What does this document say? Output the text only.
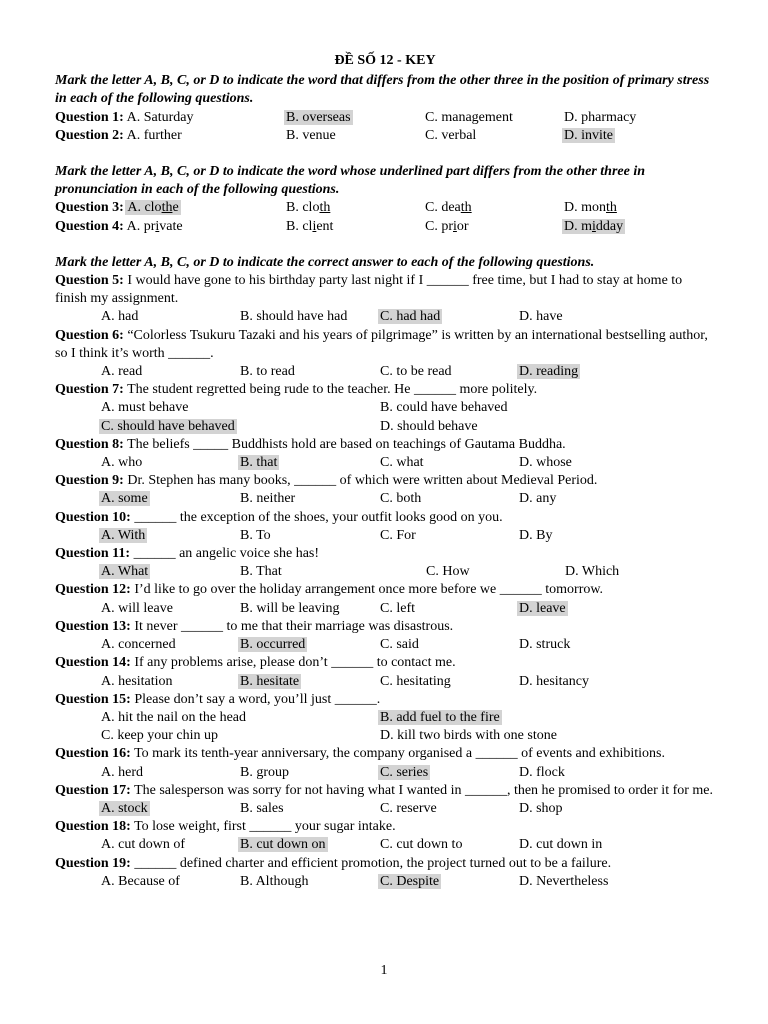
ĐỀ SỐ 12 - KEY
Mark the letter A, B, C, or D to indicate the word that differs from the other three in the position of primary stress in each of the following questions.
Question 1: A. Saturday	B. overseas	C. management	D. pharmacy
Question 2: A. further	B. venue	C. verbal	D. invite
Mark the letter A, B, C, or D to indicate the word whose underlined part differs from the other three in pronunciation in each of the following questions.
Question 3: A. clothe	B. cloth	C. death	D. month
Question 4: A. private	B. client	C. prior	D. midday
Mark the letter A, B, C, or D to indicate the correct answer to each of the following questions.
Question 5: I would have gone to his birthday party last night if I ______ free time, but I had to stay at home to finish my assignment.
A. had	B. should have had	C. had had	D. have
Question 6: “Colorless Tsukuru Tazaki and his years of pilgrimage” is written by an international bestselling author, so I think it’s worth ______.
A. read	B. to read	C. to be read	D. reading
Question 7: The student regretted being rude to the teacher. He ______ more politely.
A. must behave	B. could have behaved
C. should have behaved	D. should behave
Question 8: The beliefs _____ Buddhists hold are based on teachings of Gautama Buddha.
A. who	B. that	C. what	D. whose
Question 9: Dr. Stephen has many books, ______ of which were written about Medieval Period.
A. some	B. neither	C. both	D. any
Question 10: ______ the exception of the shoes, your outfit looks good on you.
A. With	B. To	C. For	D. By
Question 11: ______ an angelic voice she has!
A. What	B. That	C. How	D. Which
Question 12: I’d like to go over the holiday arrangement once more before we ______ tomorrow.
A. will leave	B. will be leaving	C. left	D. leave
Question 13: It never ______ to me that their marriage was disastrous.
A. concerned	B. occurred	C. said	D. struck
Question 14: If any problems arise, please don’t ______ to contact me.
A. hesitation	B. hesitate	C. hesitating	D. hesitancy
Question 15: Please don’t say a word, you’ll just ______.
A. hit the nail on the head	B. add fuel to the fire
C. keep your chin up	D. kill two birds with one stone
Question 16: To mark its tenth-year anniversary, the company organised a ______ of events and exhibitions.
A. herd	B. group	C. series	D. flock
Question 17: The salesperson was sorry for not having what I wanted in ______, then he promised to order it for me.
A. stock	B. sales	C. reserve	D. shop
Question 18: To lose weight, first ______ your sugar intake.
A. cut down of	B. cut down on	C. cut down to	D. cut down in
Question 19: ______ defined charter and efficient promotion, the project turned out to be a failure.
A. Because of	B. Although	C. Despite	D. Nevertheless
1
